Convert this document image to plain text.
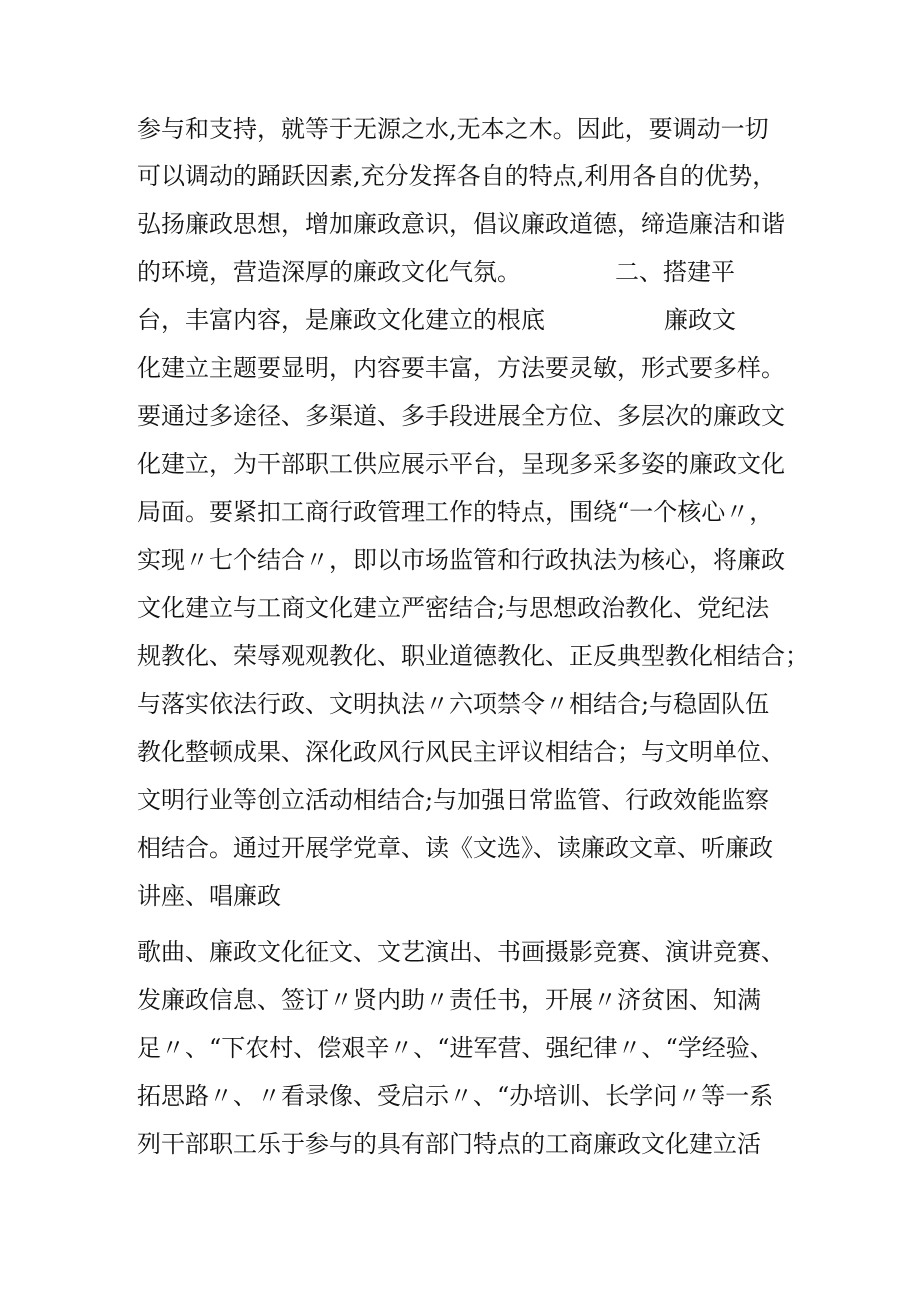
参与和支持，就等于无源之水,无本之木。因此，要调动一切

可以调动的踊跃因素,充分发挥各自的特点,利用各自的优势，

弘扬廉政思想，增加廉政意识，倡议廉政道德，缔造廉洁和谐

的环境，营造深厚的廉政文化气氛。	二、搭建平

台，丰富内容，是廉政文化建立的根底	廉政文

化建立主题要显明，内容要丰富，方法要灵敏，形式要多样。

要通过多途径、多渠道、多手段进展全方位、多层次的廉政文

化建立，为干部职工供应展示平台，呈现多采多姿的廉政文化

局面。要紧扣工商行政管理工作的特点，围绕“一个核心〃，

实现〃七个结合〃，即以市场监管和行政执法为核心，将廉政

文化建立与工商文化建立严密结合;与思想政治教化、党纪法

规教化、荣辱观观教化、职业道德教化、正反典型教化相结合；

与落实依法行政、文明执法〃六项禁令〃相结合;与稳固队伍

教化整顿成果、深化政风行风民主评议相结合；与文明单位、

文明行业等创立活动相结合;与加强日常监管、行政效能监察

相结合。通过开展学党章、读《文选》、读廉政文章、听廉政

讲座、唱廉政

歌曲、廉政文化征文、文艺演出、书画摄影竞赛、演讲竞赛、

发廉政信息、签订〃贤内助〃责任书，开展〃济贫困、知满

足〃、“下农村、偿艰辛〃、“进军营、强纪律〃、“学经验、

拓思路〃、〃看录像、受启示〃、“办培训、长学问〃等一系

列干部职工乐于参与的具有部门特点的工商廉政文化建立活
